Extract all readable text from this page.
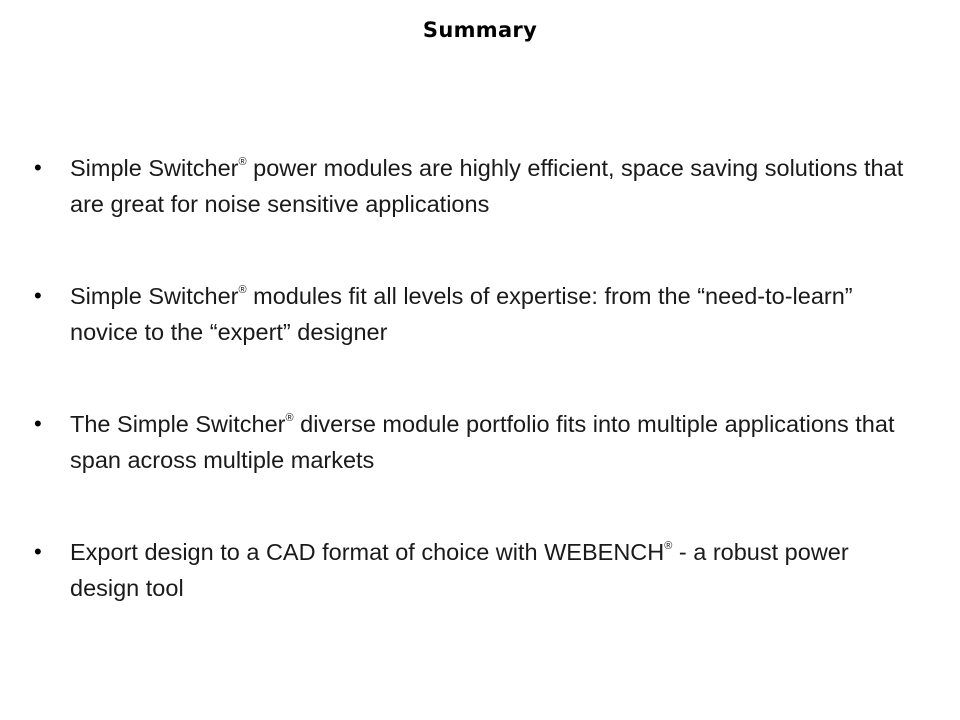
Summary
•	Simple Switcher® power modules are highly efficient, space saving solutions that are great for noise sensitive applications
•	Simple Switcher® modules fit all levels of expertise: from the “need-to-learn” novice to the “expert” designer
•	The Simple Switcher® diverse module portfolio fits into multiple applications that span across multiple markets
•	Export design to a CAD format of choice with WEBENCH® - a robust power design tool
